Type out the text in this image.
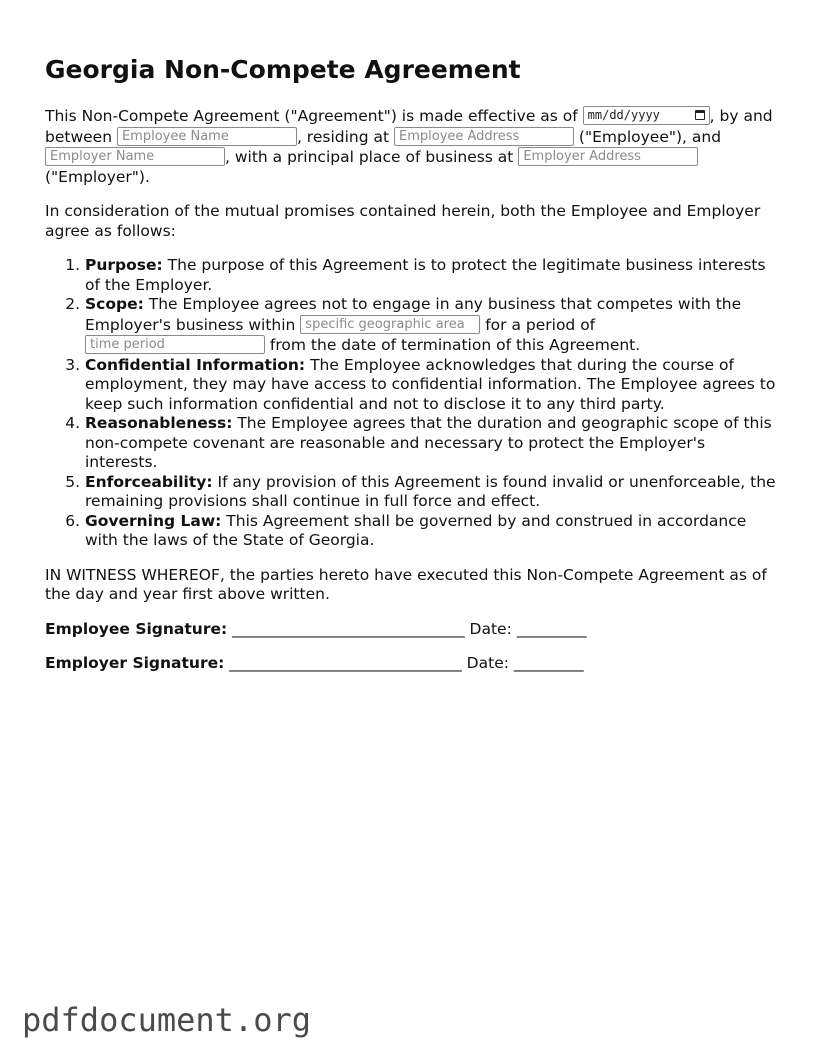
Georgia Non-Compete Agreement

This Non-Compete Agreement ("Agreement") is made effective as of mm/dd/yyyy	, by and between Employee Name	, residing at Employee Address	("Employee"), and Employer Name	, with a principal place of business at Employer Address ("Employer").

In consideration of the mutual promises contained herein, both the Employee and Employer agree as follows:

1. Purpose: The purpose of this Agreement is to protect the legitimate business interests of the Employer.
2. Scope: The Employee agrees not to engage in any business that competes with the Employer's business within specific geographic area for a period of time period	from the date of termination of this Agreement.
3. Confidential Information: The Employee acknowledges that during the course of employment, they may have access to confidential information. The Employee agrees to keep such information confidential and not to disclose it to any third party.
4. Reasonableness: The Employee agrees that the duration and geographic scope of this non-compete covenant are reasonable and necessary to protect the Employer's interests.
5. Enforceability: If any provision of this Agreement is found invalid or unenforceable, the remaining provisions shall continue in full force and effect.
6. Governing Law: This Agreement shall be governed by and construed in accordance with the laws of the State of Georgia.

IN WITNESS WHEREOF, the parties hereto have executed this Non-Compete Agreement as of the day and year first above written.

Employee Signature: ______________________________ Date: _________
Employer Signature: ______________________________ Date: _________
pdfdocument.org
